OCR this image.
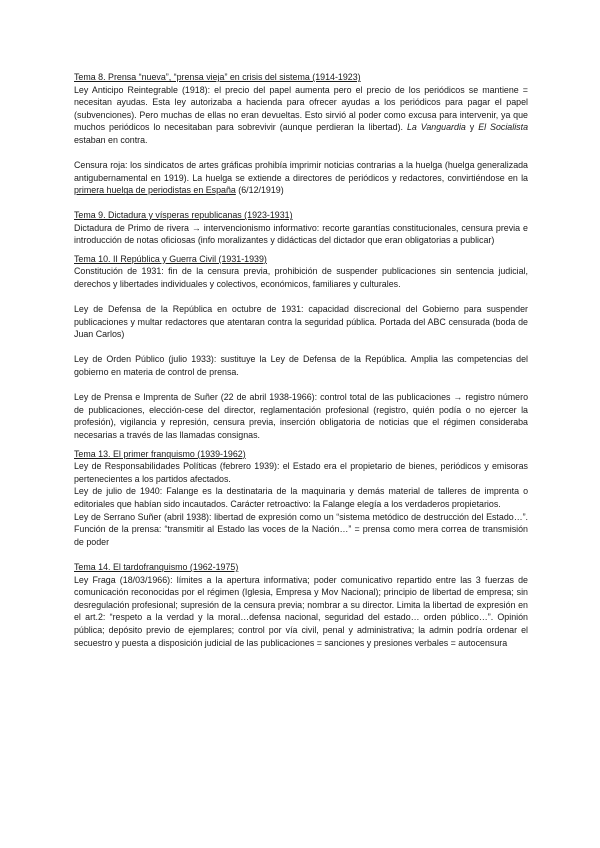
Tema 8. Prensa “nueva”, “prensa vieja” en crisis del sistema (1914-1923)

Ley Anticipo Reintegrable (1918): el precio del papel aumenta pero el precio de los periódicos se mantiene = necesitan ayudas. Esta ley autorizaba a hacienda para ofrecer ayudas a los periódicos para pagar el papel (subvenciones). Pero muchas de ellas no eran devueltas. Esto sirvió al poder como excusa para intervenir, ya que muchos periódicos lo necesitaban para sobrevivir (aunque perdieran la libertad). La Vanguardia y El Socialista estaban en contra.

Censura roja: los sindicatos de artes gráficas prohibía imprimir noticias contrarias a la huelga (huelga generalizada antigubernamental en 1919). La huelga se extiende a directores de periódicos y redactores, convirtiéndose en la primera huelga de periodistas en España (6/12/1919)

Tema 9. Dictadura y vísperas republicanas (1923-1931)

Dictadura de Primo de rivera → intervencionismo informativo: recorte garantías constitucionales, censura previa e introducción de notas oficiosas (info moralizantes y didácticas del dictador que eran obligatorias a publicar)

Tema 10. II República y Guerra Civil (1931-1939)

Constitución de 1931: fin de la censura previa, prohibición de suspender publicaciones sin sentencia judicial, derechos y libertades individuales y colectivos, económicos, familiares y culturales.

Ley de Defensa de la República en octubre de 1931: capacidad discrecional del Gobierno para suspender publicaciones y multar redactores que atentaran contra la seguridad pública. Portada del ABC censurada (boda de Juan Carlos)

Ley de Orden Público (julio 1933): sustituye la Ley de Defensa de la República. Amplia las competencias del gobierno en materia de control de prensa.

Ley de Prensa e Imprenta de Suñer (22 de abril 1938-1966): control total de las publicaciones → registro número de publicaciones, elección-cese del director, reglamentación profesional (registro, quién podía o no ejercer la profesión), vigilancia y represión, censura previa, inserción obligatoria de noticias que el régimen consideraba necesarias a través de las llamadas consignas.

Tema 13. El primer franquismo (1939-1962)

Ley de Responsabilidades Políticas (febrero 1939): el Estado era el propietario de bienes, periódicos y emisoras pertenecientes a los partidos afectados.

Ley de julio de 1940: Falange es la destinataria de la maquinaria y demás material de talleres de imprenta o editoriales que habían sido incautados. Carácter retroactivo: la Falange elegía a los verdaderos propietarios.

Ley de Serrano Suñer (abril 1938): libertad de expresión como un “sistema metódico de destrucción del Estado…”. Función de la prensa: “transmitir al Estado las voces de la Nación…” = prensa como mera correa de transmisión de poder

Tema 14. El tardofranquismo (1962-1975)

Ley Fraga (18/03/1966): límites a la apertura informativa; poder comunicativo repartido entre las 3 fuerzas de comunicación reconocidas por el régimen (Iglesia, Empresa y Mov Nacional); principio de libertad de empresa; sin desregulación profesional; supresión de la censura previa; nombrar a su director. Limita la libertad de expresión en el art.2: “respeto a la verdad y la moral…defensa nacional, seguridad del estado… orden público…”. Opinión pública; depósito previo de ejemplares; control por vía civil, penal y administrativa; la admin podría ordenar el secuestro y puesta a disposición judicial de las publicaciones = sanciones y presiones verbales = autocensura
